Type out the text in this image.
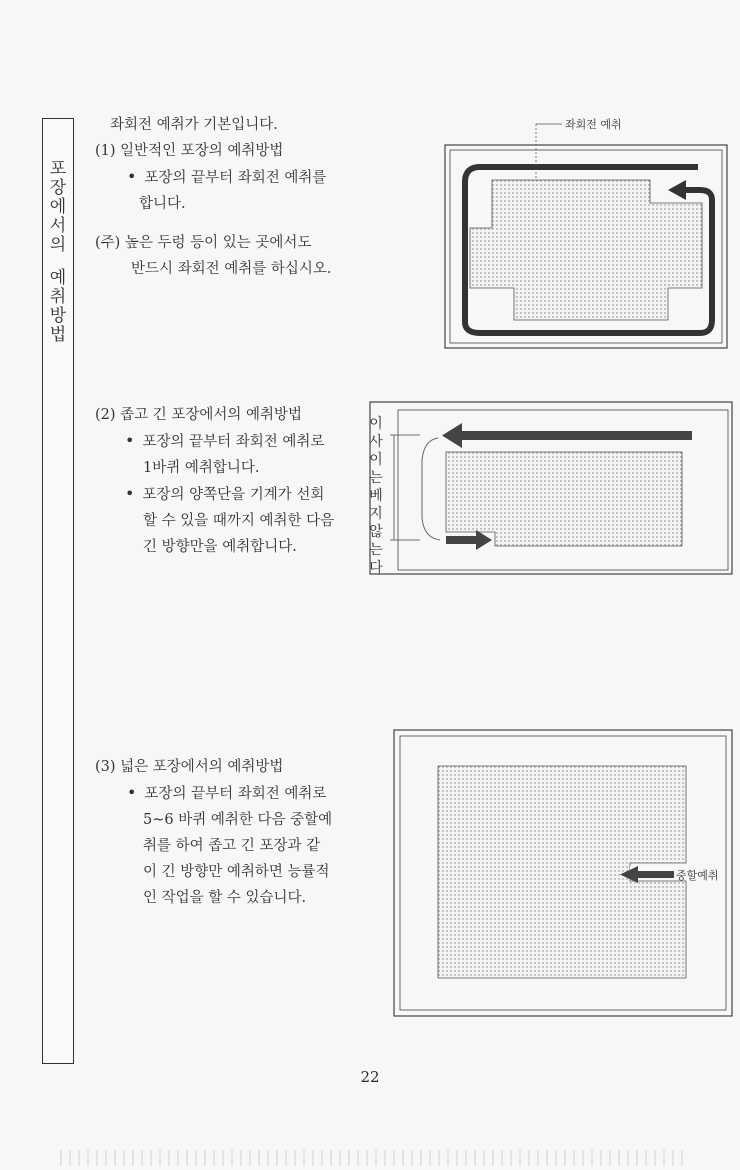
포
장
에
서
의
예
취
방
법

좌회전 예취가 기본입니다.

(1) 일반적인 포장의 예취방법

• 포장의 끝부터 좌회전 예취를

합니다.

(주) 높은 두렁 등이 있는 곳에서도

반드시 좌회전 예취를 하십시오.

좌회전 예취

(2) 좁고 긴 포장에서의 예취방법

• 포장의 끝부터 좌회전 예취로

1바퀴 예취합니다.

• 포장의 양쪽단을 기계가 선회

할 수 있을 때까지 예취한 다음

긴 방향만을 예취합니다.

이
사
이
는
베
지
않
는
다

(3) 넓은 포장에서의 예취방법

• 포장의 끝부터 좌회전 예취로

5~6 바퀴 예취한 다음 중할예

취를 하여 좁고 긴 포장과 같

이 긴 방향만 예취하면 능률적

인 작업을 할 수 있습니다.

중할예취
22
